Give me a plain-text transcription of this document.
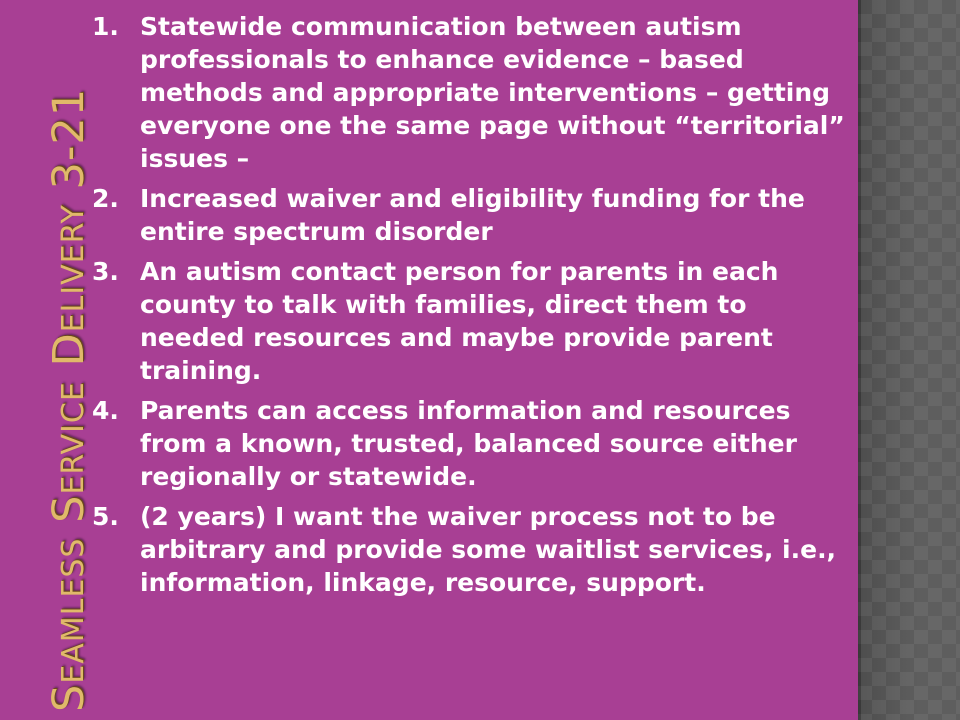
Seamless Service Delivery 3-21
1. Statewide communication between autism professionals to enhance evidence – based methods and appropriate interventions – getting everyone one the same page without “territorial” issues –
2. Increased waiver and eligibility funding for the entire spectrum disorder
3. An autism contact person for parents in each county to talk with families, direct them to needed resources and maybe provide parent training.
4. Parents can access information and resources from a known, trusted, balanced source either regionally or statewide.
5. (2 years) I want the waiver process not to be arbitrary and provide some waitlist services, i.e., information, linkage, resource, support.
